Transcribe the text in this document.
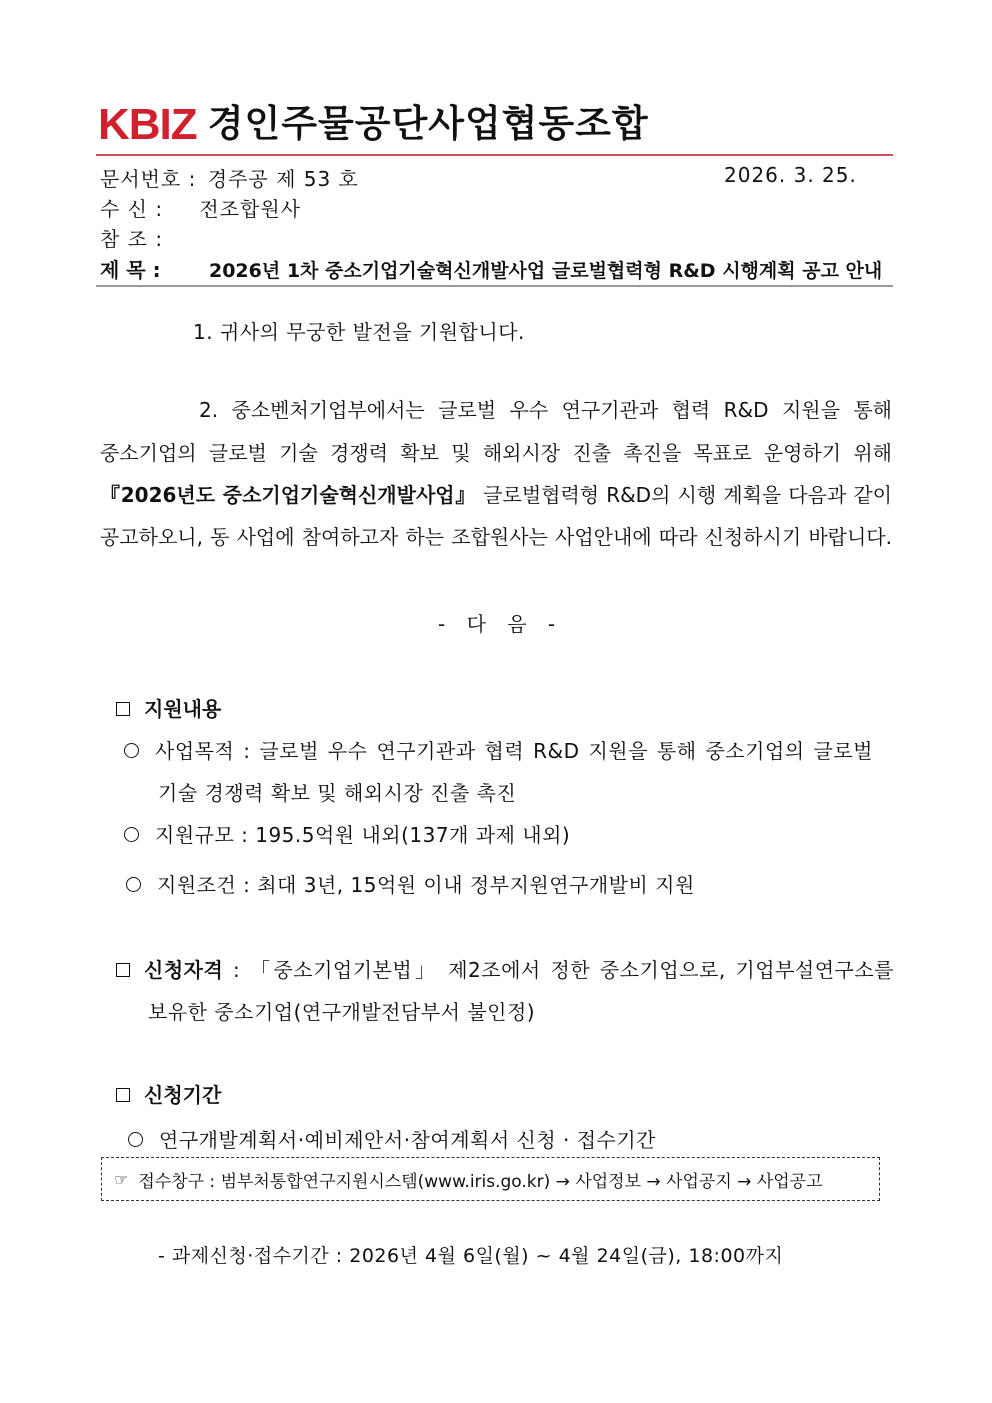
KBIZ 경인주물공단사업협동조합
문서번호 : 경주공 제 53 호	2026. 3. 25.
수 신 : 전조합원사
참 조 :
제 목 :	2026년 1차 중소기업기술혁신개발사업 글로벌협력형 R&D 시행계획 공고 안내
1. 귀사의 무궁한 발전을 기원합니다.
2. 중소벤처기업부에서는 글로벌 우수 연구기관과 협력 R&D 지원을 통해
중소기업의 글로벌 기술 경쟁력 확보 및 해외시장 진출 촉진을 목표로 운영하기 위해
『2026년도 중소기업기술혁신개발사업』 글로벌협력형 R&D의 시행 계획을 다음과 같이
공고하오니, 동 사업에 참여하고자 하는 조합원사는 사업안내에 따라 신청하시기 바랍니다.
- 다 음 -
지원내용
사업목적 : 글로벌 우수 연구기관과 협력 R&D 지원을 통해 중소기업의 글로벌
기술 경쟁력 확보 및 해외시장 진출 촉진
지원규모 : 195.5억원 내외(137개 과제 내외)
지원조건 : 최대 3년, 15억원 이내 정부지원연구개발비 지원
신청자격 : 「중소기업기본법」 제2조에서 정한 중소기업으로, 기업부설연구소를
보유한 중소기업(연구개발전담부서 불인정)
신청기간
연구개발계획서·예비제안서·참여계획서 신청 · 접수기간
☞ 접수창구 : 범부처통합연구지원시스템(www.iris.go.kr) → 사업정보 → 사업공지 → 사업공고
- 과제신청·접수기간 : 2026년 4월 6일(월) ~ 4월 24일(금), 18:00까지
